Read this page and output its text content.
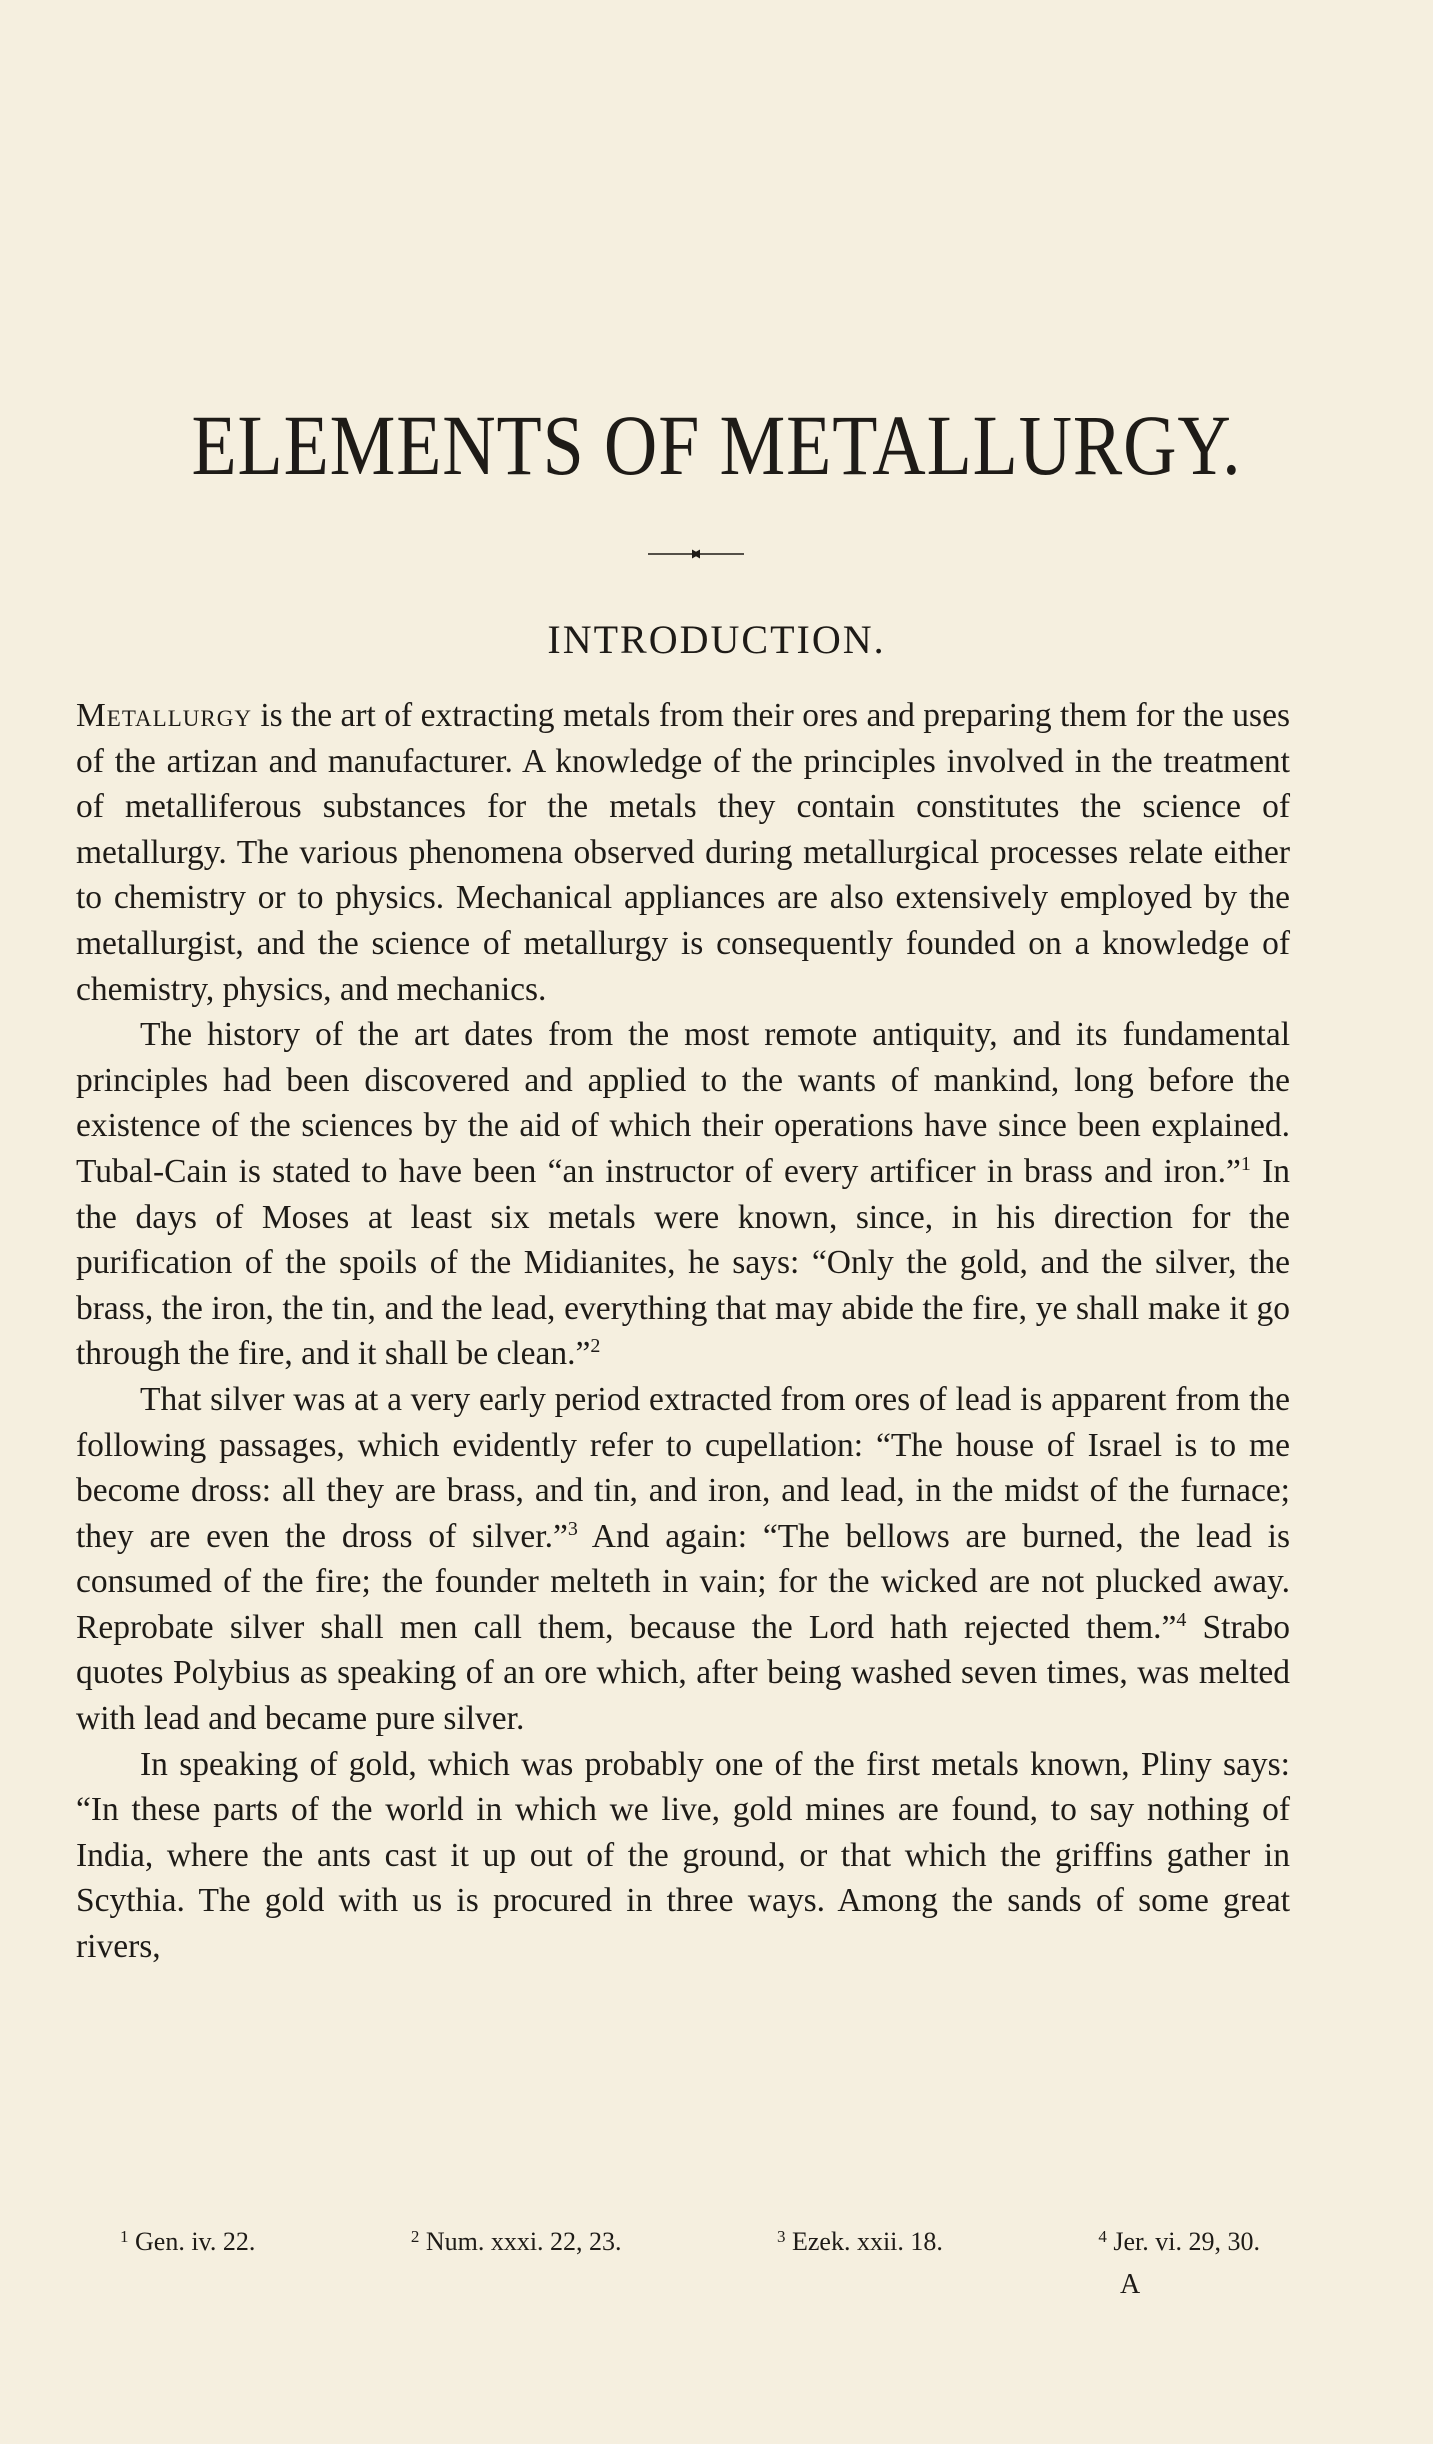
ELEMENTS OF METALLURGY.
INTRODUCTION.

Metallurgy is the art of extracting metals from their ores and preparing them for the uses of the artizan and manufacturer. A knowledge of the principles involved in the treatment of metalliferous substances for the metals they contain constitutes the science of metallurgy. The various phenomena observed during metallurgical processes relate either to chemistry or to physics. Mechanical appliances are also extensively employed by the metallurgist, and the science of metallurgy is consequently founded on a knowledge of chemistry, physics, and mechanics.

The history of the art dates from the most remote antiquity, and its fundamental principles had been discovered and applied to the wants of mankind, long before the existence of the sciences by the aid of which their operations have since been explained. Tubal-Cain is stated to have been “an instructor of every artificer in brass and iron.”$^1$ In the days of Moses at least six metals were known, since, in his direction for the purification of the spoils of the Midianites, he says: “Only the gold, and the silver, the brass, the iron, the tin, and the lead, everything that may abide the fire, ye shall make it go through the fire, and it shall be clean.”$^2$

That silver was at a very early period extracted from ores of lead is apparent from the following passages, which evidently refer to cupellation: “The house of Israel is to me become dross: all they are brass, and tin, and iron, and lead, in the midst of the furnace; they are even the dross of silver.”$^3$ And again: “The bellows are burned, the lead is consumed of the fire; the founder melteth in vain; for the wicked are not plucked away. Reprobate silver shall men call them, because the Lord hath rejected them.”$^4$ Strabo quotes Polybius as speaking of an ore which, after being washed seven times, was melted with lead and became pure silver.

In speaking of gold, which was probably one of the first metals known, Pliny says: “In these parts of the world in which we live, gold mines are found, to say nothing of India, where the ants cast it up out of the ground, or that which the griffins gather in Scythia. The gold with us is procured in three ways. Among the sands of some great rivers,

$^1$ Gen. iv. 22.	$^2$ Num. xxxi. 22, 23.	$^3$ Ezek. xxii. 18.	$^4$ Jer. vi. 29, 30.
A
